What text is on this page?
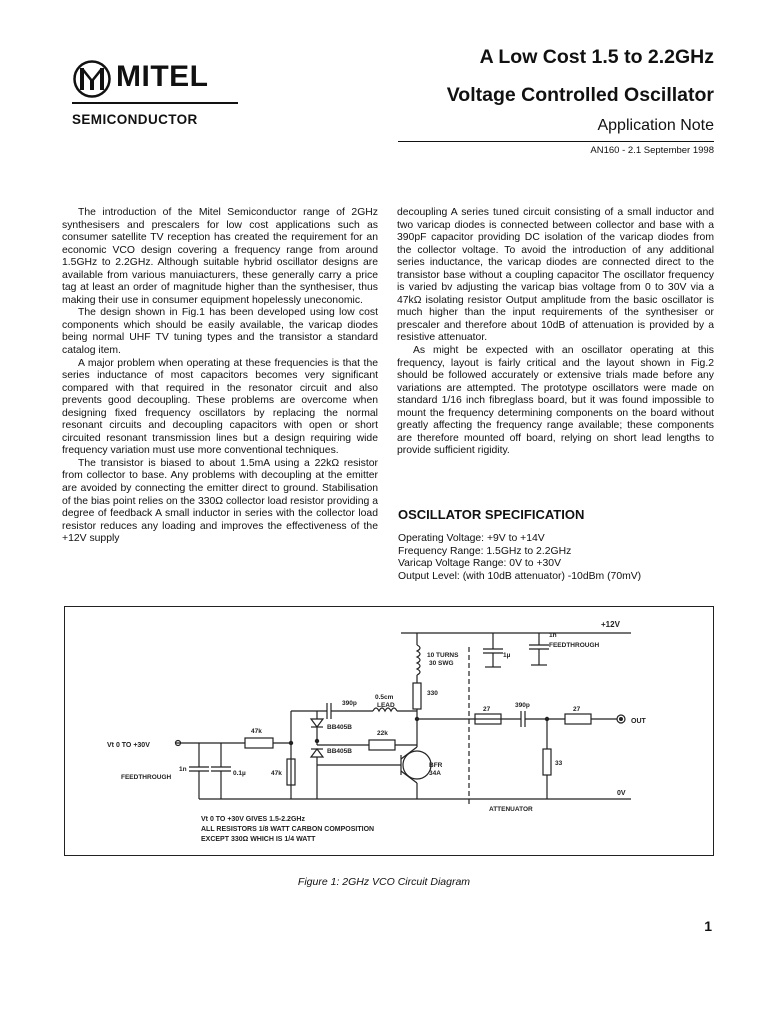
MITEL
SEMICONDUCTOR
A Low Cost 1.5 to 2.2GHz
Voltage Controlled Oscillator
Application Note
AN160 - 2.1 September 1998

The introduction of the Mitel Semiconductor range of 2GHz synthesisers and prescalers for low cost applications such as consumer satellite TV reception has created the requirement for an economic VCO design covering a frequency range from around 1.5GHz to 2.2GHz. Although suitable hybrid oscillator designs are available from various manuiacturers, these generally carry a price tag at least an order of magnitude higher than the synthesiser, thus making their use in consumer equipment hopelessly uneconomic.

The design shown in Fig.1 has been developed using low cost components which should be easily available, the varicap diodes being normal UHF TV tuning types and the transistor a standard catalog item.

A major problem when operating at these frequencies is that the series inductance of most capacitors becomes very significant compared with that required in the resonator circuit and also prevents good decoupling. These problems are overcome when designing fixed frequency oscillators by replacing the normal resonant circuits and decoupling capacitors with open or short circuited resonant transmission lines but a design requiring wide frequency variation must use more conventional techniques.

The transistor is biased to about 1.5mA using a 22kΩ resistor from collector to base. Any problems with decoupling at the emitter are avoided by connecting the emitter direct to ground. Stabilisation of the bias point relies on the 330Ω collector load resistor providing a degree of feedback A small inductor in series with the collector load resistor reduces any loading and improves the effectiveness of the +12V supply

decoupling A series tuned circuit consisting of a small inductor and two varicap diodes is connected between collector and base with a 390pF capacitor providing DC isolation of the varicap diodes from the collector voltage. To avoid the introduction of any additional series inductance, the varicap diodes are connected direct to the transistor base without a coupling capacitor The oscillator frequency is varied bv adjusting the varicap bias voltage from 0 to 30V via a 47kΩ isolating resistor Output amplitude from the basic oscillator is much higher than the input requirements of the synthesiser or prescaler and therefore about 10dB of attenuation is provided by a resistive attenuator.

As might be expected with an oscillator operating at this frequency, layout is fairly critical and the layout shown in Fig.2 should be followed accurately or extensive trials made before any variations are attempted. The prototype oscillators were made on standard 1/16 inch fibreglass board, but it was found impossible to mount the frequency determining components on the board without greatly affecting the frequency range available; these components are therefore mounted off board, relying on short lead lengths to provide sufficient rigidity.

OSCILLATOR SPECIFICATION
Operating Voltage: +9V to +14V
Frequency Range: 1.5GHz to 2.2GHz
Varicap Voltage Range: 0V to +30V
Output Level: (with 10dB attenuator) -10dBm (70mV)
+12V
1µ
1n
FEEDTHROUGH
10 TURNS
30 SWG
330
390p
0.5cm
LEAD
BB405B
BB405B
22k
BFR
34A
47k
Vt 0 TO +30V
1n
FEEDTHROUGH
0.1µ	47k
0V
ATTENUATOR
27
390p
27
OUT
33
Vt 0 TO +30V GIVES 1.5-2.2GHz
ALL RESISTORS 1/8 WATT CARBON COMPOSITION
EXCEPT 330Ω WHICH IS 1/4 WATT
Figure 1: 2GHz VCO Circuit Diagram
1
